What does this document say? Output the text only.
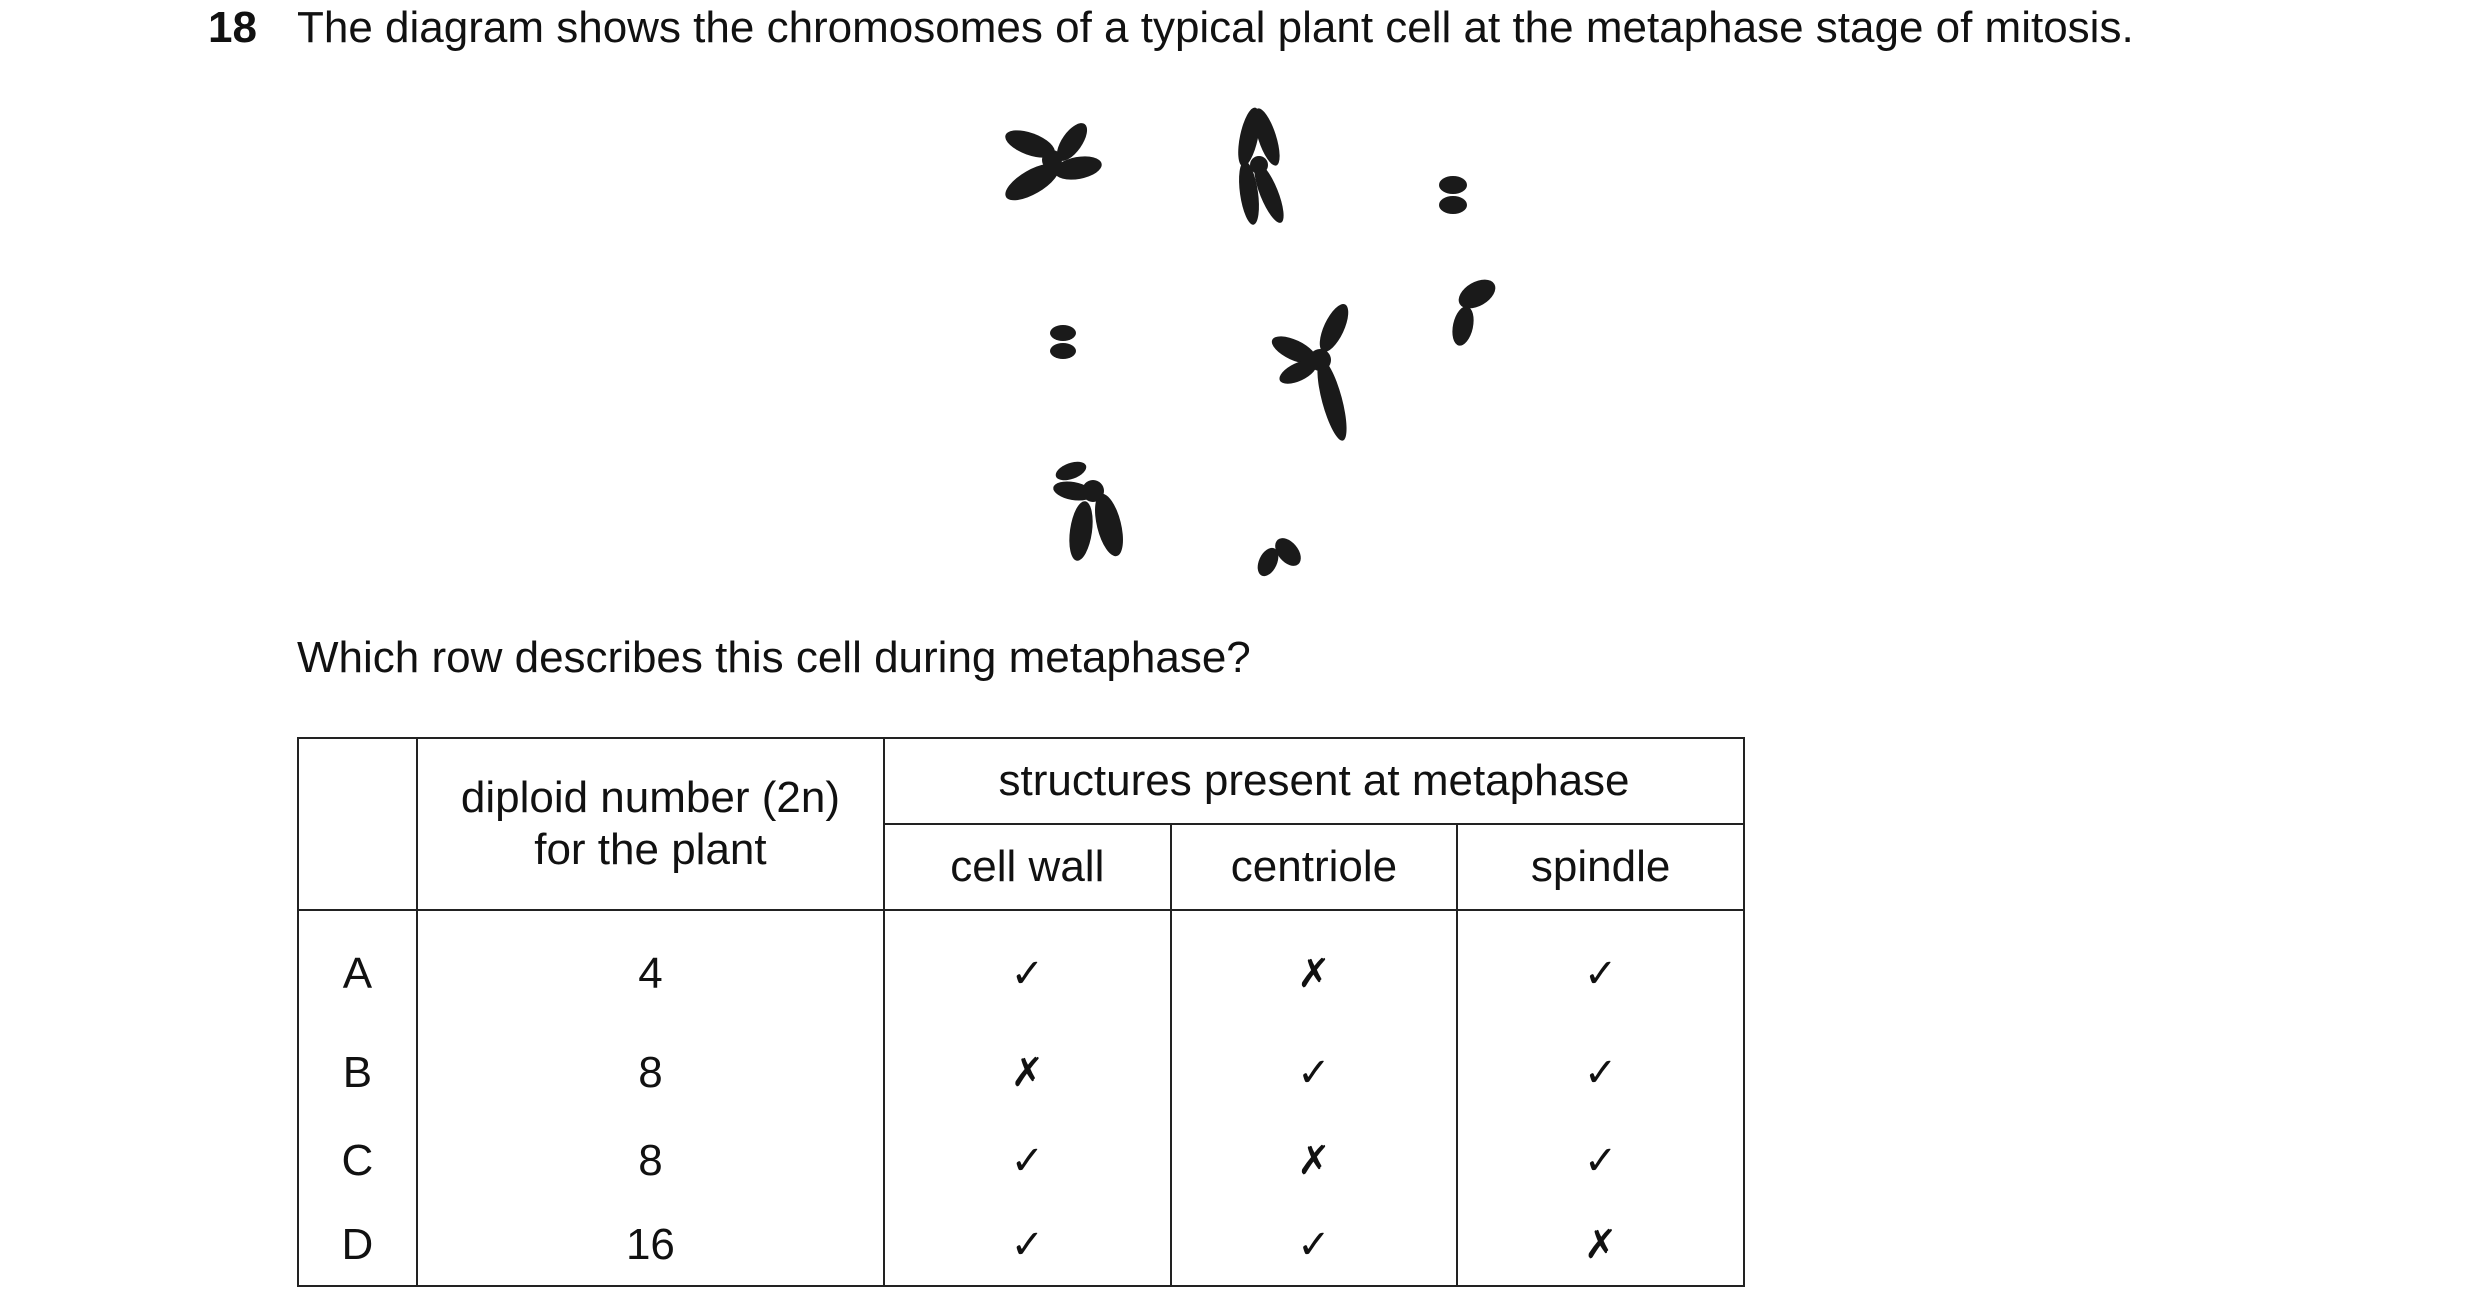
18 The diagram shows the chromosomes of a typical plant cell at the metaphase stage of mitosis.
Which row describes this cell during metaphase?
	diploid number (2n)
for the plant	structures present at metaphase		
		cell wall	centriole	spindle
A	4	✓	✗	✓
B	8	✗	✓	✓
C	8	✓	✗	✓
D	16	✓	✓	✗
